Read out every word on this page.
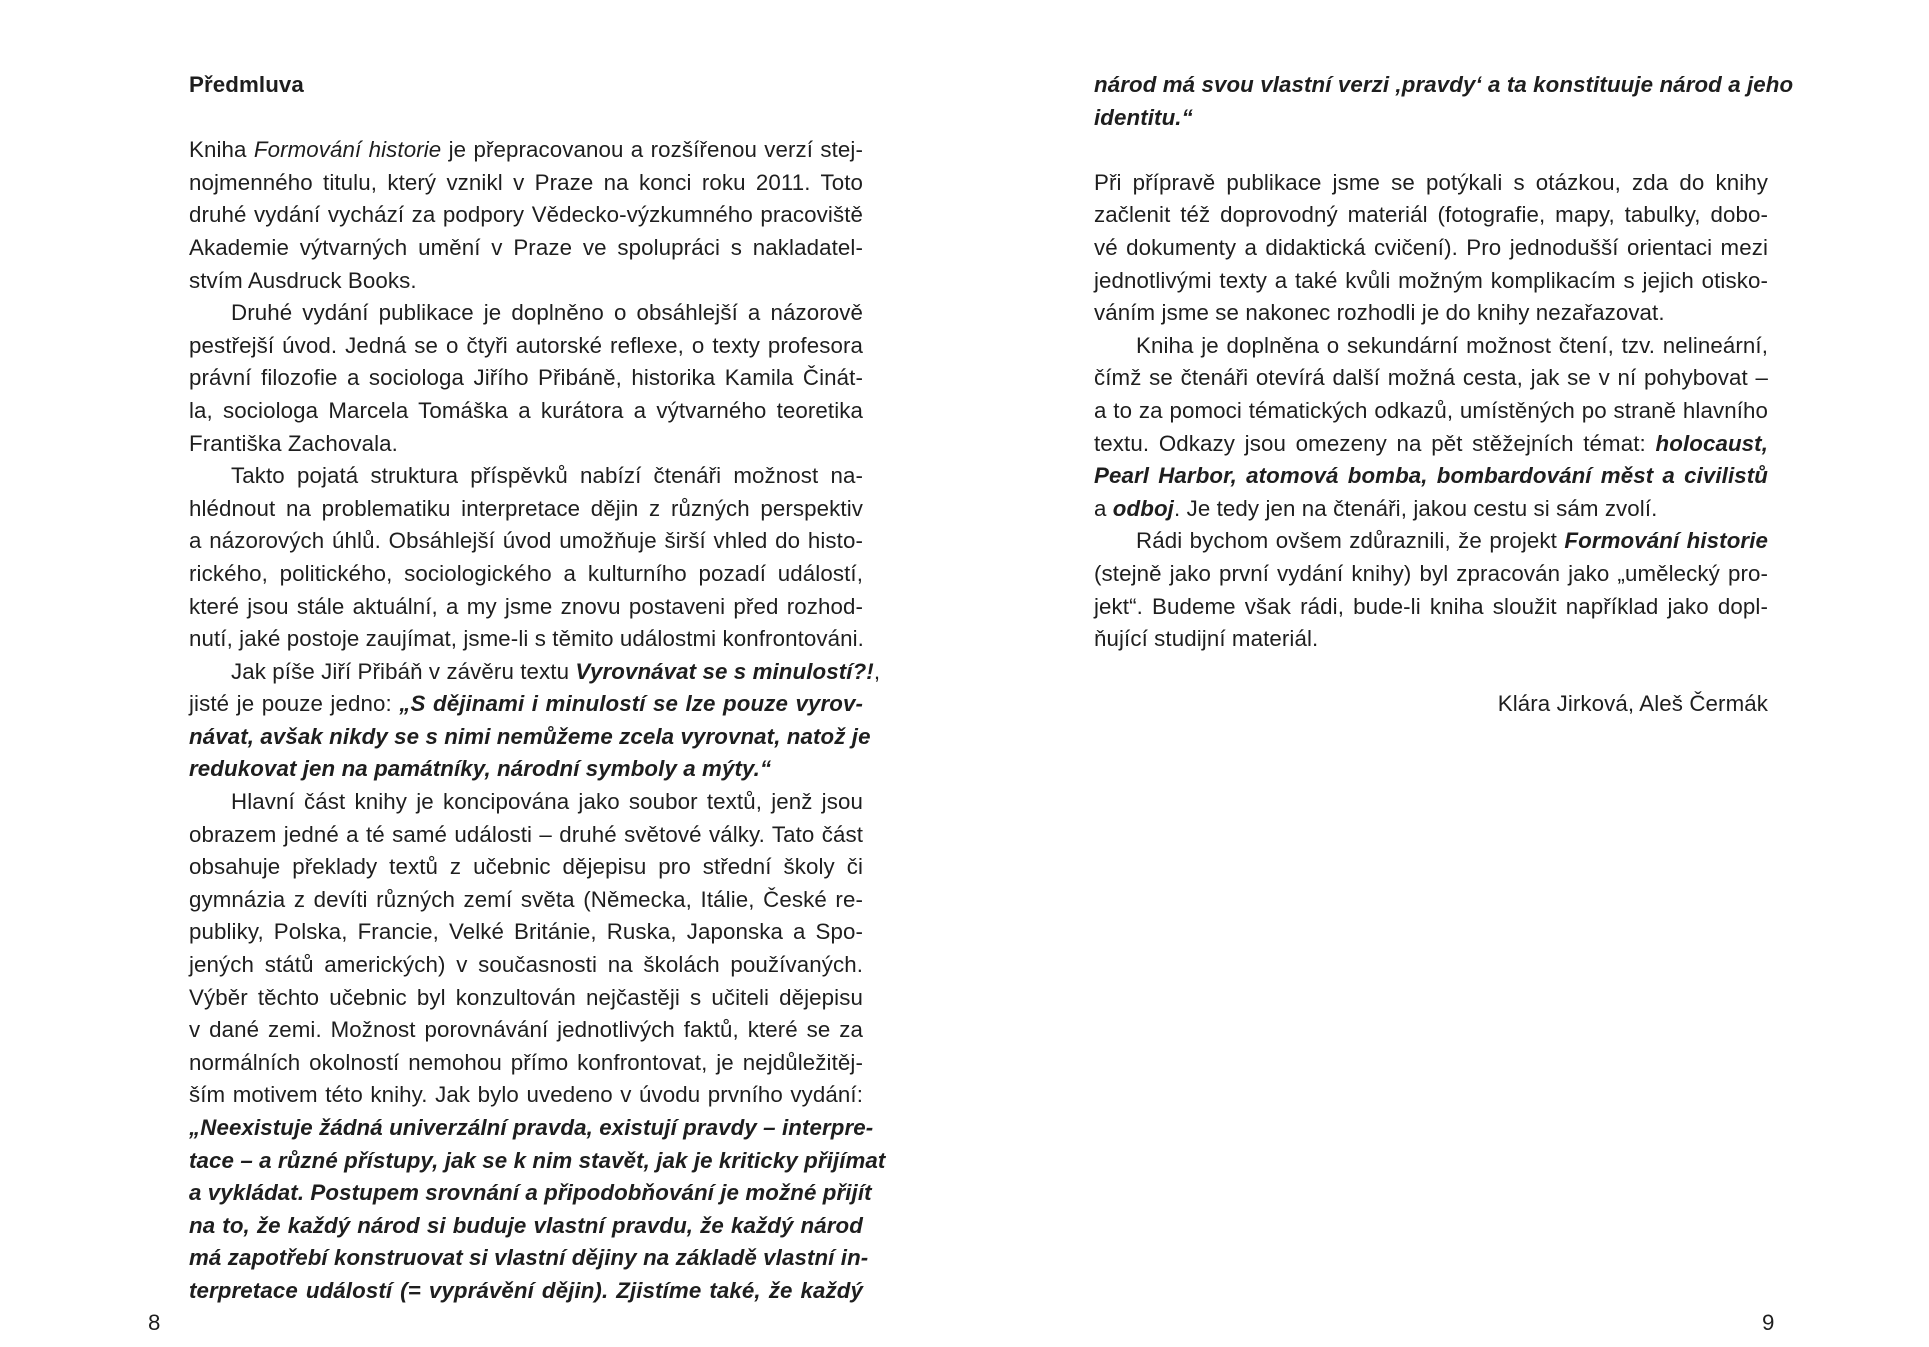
Předmluva
Kniha Formování historie je přepracovanou a rozšířenou verzí stej-
nojmenného titulu, který vznikl v Praze na konci roku 2011. Toto
druhé vydání vychází za podpory Vědecko-výzkumného pracoviště
Akademie výtvarných umění v Praze ve spolupráci s nakladatel-
stvím Ausdruck Books.
Druhé vydání publikace je doplněno o obsáhlejší a názorově
pestřejší úvod. Jedná se o čtyři autorské reflexe, o texty profesora
právní filozofie a sociologa Jiřího Přibáně, historika Kamila Činát-
la, sociologa Marcela Tomáška a kurátora a výtvarného teoretika
Františka Zachovala.
Takto pojatá struktura příspěvků nabízí čtenáři možnost na-
hlédnout na problematiku interpretace dějin z různých perspektiv
a názorových úhlů. Obsáhlejší úvod umožňuje širší vhled do histo-
rického, politického, sociologického a kulturního pozadí událostí,
které jsou stále aktuální, a my jsme znovu postaveni před rozhod-
nutí, jaké postoje zaujímat, jsme-li s těmito událostmi konfrontováni.
Jak píše Jiří Přibáň v závěru textu Vyrovnávat se s minulostí?!,
jisté je pouze jedno: „S dějinami i minulostí se lze pouze vyrov-
návat, avšak nikdy se s nimi nemůžeme zcela vyrovnat, natož je
redukovat jen na památníky, národní symboly a mýty.“
Hlavní část knihy je koncipována jako soubor textů, jenž jsou
obrazem jedné a té samé události – druhé světové války. Tato část
obsahuje překlady textů z učebnic dějepisu pro střední školy či
gymnázia z devíti různých zemí světa (Německa, Itálie, České re-
publiky, Polska, Francie, Velké Británie, Ruska, Japonska a Spo-
jených států amerických) v současnosti na školách používaných.
Výběr těchto učebnic byl konzultován nejčastěji s učiteli dějepisu
v dané zemi. Možnost porovnávání jednotlivých faktů, které se za
normálních okolností nemohou přímo konfrontovat, je nejdůležitěj-
ším motivem této knihy. Jak bylo uvedeno v úvodu prvního vydání:
„Neexistuje žádná univerzální pravda, existují pravdy – interpre-
tace – a různé přístupy, jak se k nim stavět, jak je kriticky přijímat
a vykládat. Postupem srovnání a připodobňování je možné přijít
na to, že každý národ si buduje vlastní pravdu, že každý národ
má zapotřebí konstruovat si vlastní dějiny na základě vlastní in-
terpretace událostí (= vyprávění dějin). Zjistíme také, že každý
8
národ má svou vlastní verzi ‚pravdy‘ a ta konstituuje národ a jeho
identitu.“
Při přípravě publikace jsme se potýkali s otázkou, zda do knihy
začlenit též doprovodný materiál (fotografie, mapy, tabulky, dobo-
vé dokumenty a didaktická cvičení). Pro jednodušší orientaci mezi
jednotlivými texty a také kvůli možným komplikacím s jejich otisko-
váním jsme se nakonec rozhodli je do knihy nezařazovat.
Kniha je doplněna o sekundární možnost čtení, tzv. nelineární,
čímž se čtenáři otevírá další možná cesta, jak se v ní pohybovat –
a to za pomoci tématických odkazů, umístěných po straně hlavního
textu. Odkazy jsou omezeny na pět stěžejních témat: holocaust,
Pearl Harbor, atomová bomba, bombardování měst a civilistů
a odboj. Je tedy jen na čtenáři, jakou cestu si sám zvolí.
Rádi bychom ovšem zdůraznili, že projekt Formování historie
(stejně jako první vydání knihy) byl zpracován jako „umělecký pro-
jekt“. Budeme však rádi, bude-li kniha sloužit například jako dopl-
ňující studijní materiál.
Klára Jirková, Aleš Čermák
9
